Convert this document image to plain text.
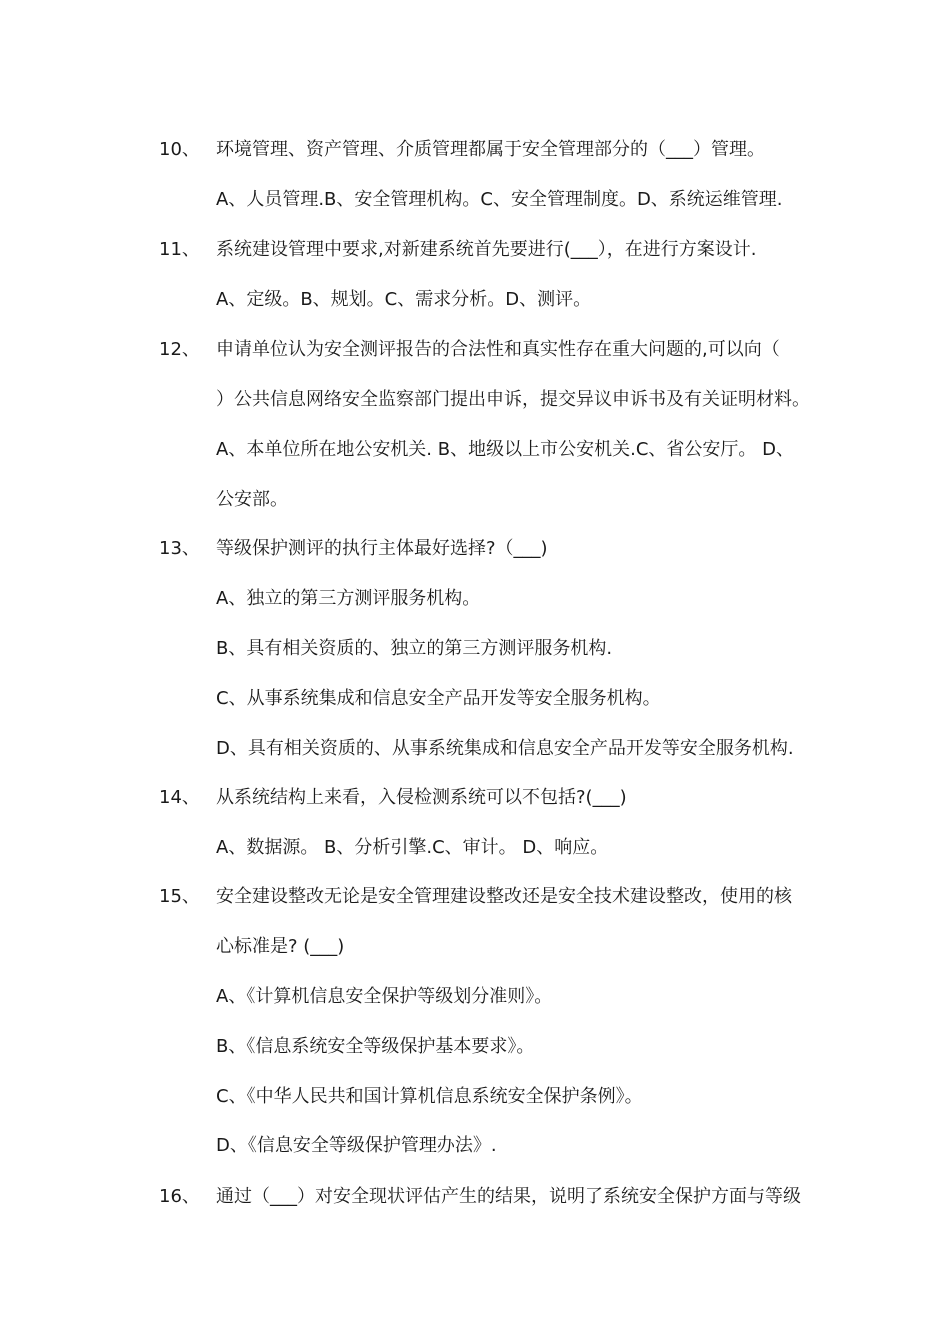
10、 环境管理、资产管理、介质管理都属于安全管理部分的（___）管理。
A、人员管理.B、安全管理机构。C、安全管理制度。D、系统运维管理.
11、 系统建设管理中要求,对新建系统首先要进行(___），在进行方案设计.
A、定级。B、规划。C、需求分析。D、测评。
12、 申请单位认为安全测评报告的合法性和真实性存在重大问题的,可以向（
）公共信息网络安全监察部门提出申诉，提交异议申诉书及有关证明材料。
A、本单位所在地公安机关. B、地级以上市公安机关.C、省公安厅。 D、
公安部。
13、 等级保护测评的执行主体最好选择?（___)
A、独立的第三方测评服务机构。
B、具有相关资质的、独立的第三方测评服务机构.
C、从事系统集成和信息安全产品开发等安全服务机构。
D、具有相关资质的、从事系统集成和信息安全产品开发等安全服务机构.
14、 从系统结构上来看，入侵检测系统可以不包括?(___)
A、数据源。 B、分析引擎.C、审计。 D、响应。
15、 安全建设整改无论是安全管理建设整改还是安全技术建设整改，使用的核
心标准是? (___)
A、《计算机信息安全保护等级划分准则》。
B、《信息系统安全等级保护基本要求》。
C、《中华人民共和国计算机信息系统安全保护条例》。
D、《信息安全等级保护管理办法》.
16、 通过（___）对安全现状评估产生的结果，说明了系统安全保护方面与等级
